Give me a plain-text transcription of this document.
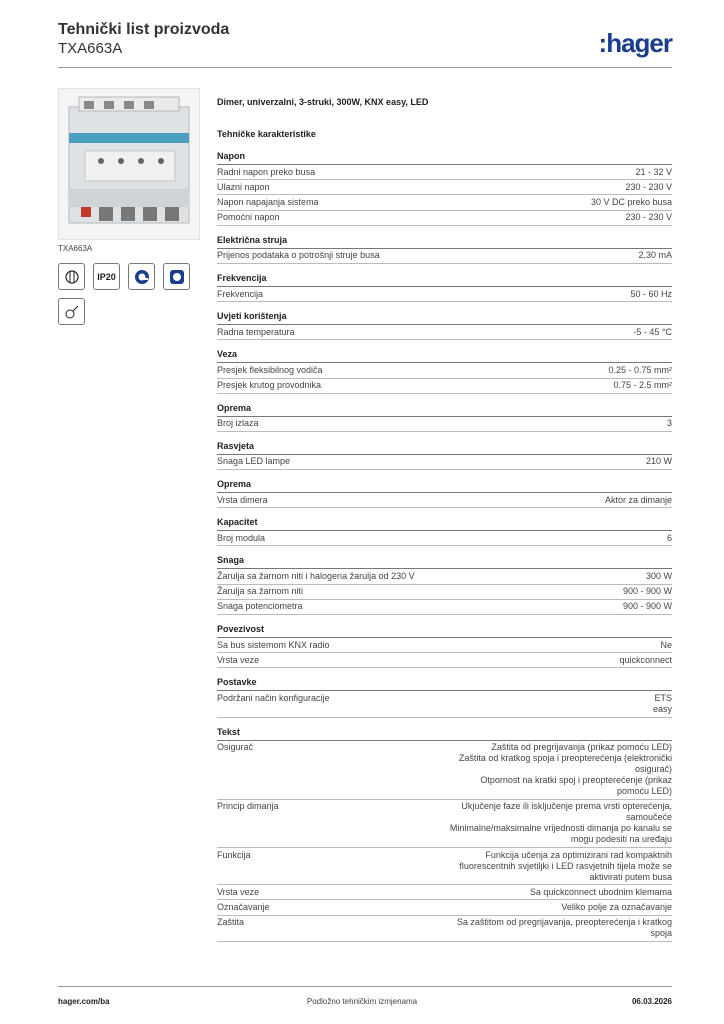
Tehnički list proizvoda
TXA663A	:hager
TXA663A
IP20
Dimer, univerzalni, 3-struki, 300W, KNX easy, LED
Tehničke karakteristike
Napon
Radni napon preko busa	21 - 32 V
Ulazni napon	230 - 230 V
Napon napajanja sistema	30 V DC preko busa
Pomoćni napon	230 - 230 V
Električna struja
Prijenos podataka o potrošnji struje busa	2,30 mA
Frekvencija
Frekvencija	50 - 60 Hz
Uvjeti korištenja
Radna temperatura	-5 - 45 °C
Veza
Presjek fleksibilnog vodiča	0.25 - 0.75 mm²
Presjek krutog provodnika	0.75 - 2.5 mm²
Oprema
Broj izlaza	3
Rasvjeta
Snaga LED lampe	210 W
Oprema
Vrsta dimera	Aktor za dimanje
Kapacitet
Broj modula	6
Snaga
Žarulja sa žarnom niti i halogena žarulja od 230 V	300 W
Žarulja sa žarnom niti	900 - 900 W
Snaga potenciometra	900 - 900 W
Povezivost
Sa bus sistemom KNX radio	Ne
Vrsta veze	quickconnect
Postavke
Podržani način konfiguracije	ETS
easy
Tekst
Osigurač	Zaštita od pregrijavanja (prikaz pomoću LED)
Zaštita od kratkog spoja i preopterećenja (elektronički
osigurač)
Otpornost na kratki spoj i preopterećenje (prikaz
pomoću LED)
Princip dimanja	Ukjučenje faze ili isključenje prema vrsti opterećenja,
samoučeće
Minimalne/maksimalne vrijednosti dimanja po kanalu se
mogu podesiti na uređaju
Funkcija	Funkcija učenja za optimizirani rad kompaktnih
fluorescentnih svjetiljki i LED rasvjetnih tijela može se
aktivirati putem busa
Vrsta veze	Sa quickconnect ubodnim klemama
Označavanje	Veliko polje za označavanje
Zaštita	Sa zaštitom od pregrijavanja, preopterećenja i kratkog
spoja
hager.com/ba	Podložno tehničkim izmjenama	06.03.2026
